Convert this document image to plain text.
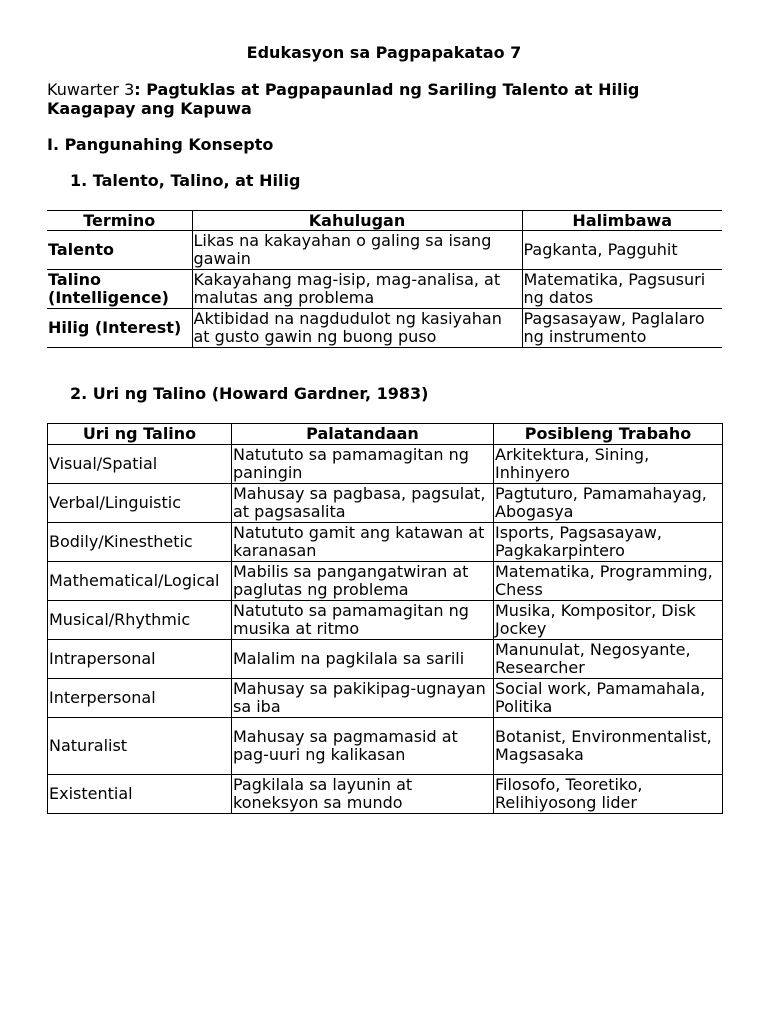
Edukasyon sa Pagpapakatao 7
Kuwarter 3: Pagtuklas at Pagpapaunlad ng Sariling Talento at Hilig Kaagapay ang Kapuwa
I. Pangunahing Konsepto
1. Talento, Talino, at Hilig
Termino	Kahulugan	Halimbawa
Talento	Likas na kakayahan o galing sa isang gawain	Pagkanta, Pagguhit
Talino (Intelligence)	Kakayahang mag-isip, mag-analisa, at malutas ang problema	Matematika, Pagsusuri ng datos
Hilig (Interest)	Aktibidad na nagdudulot ng kasiyahan at gusto gawin ng buong puso	Pagsasayaw, Paglalaro ng instrumento
2. Uri ng Talino (Howard Gardner, 1983)
Uri ng Talino	Palatandaan	Posibleng Trabaho
Visual/Spatial	Natututo sa pamamagitan ng paningin	Arkitektura, Sining, Inhinyero
Verbal/Linguistic	Mahusay sa pagbasa, pagsulat, at pagsasalita	Pagtuturo, Pamamahayag, Abogasya
Bodily/Kinesthetic	Natututo gamit ang katawan at karanasan	Isports, Pagsasayaw, Pagkakarpintero
Mathematical/Logical	Mabilis sa pangangatwiran at paglutas ng problema	Matematika, Programming, Chess
Musical/Rhythmic	Natututo sa pamamagitan ng musika at ritmo	Musika, Kompositor, Disk Jockey
Intrapersonal	Malalim na pagkilala sa sarili	Manunulat, Negosyante, Researcher
Interpersonal	Mahusay sa pakikipag-ugnayan sa iba	Social work, Pamamahala, Politika
Naturalist	Mahusay sa pagmamasid at pag-uuri ng kalikasan	Botanist, Environmentalist, Magsasaka
Existential	Pagkilala sa layunin at koneksyon sa mundo	Filosofo, Teoretiko, Relihiyosong lider
